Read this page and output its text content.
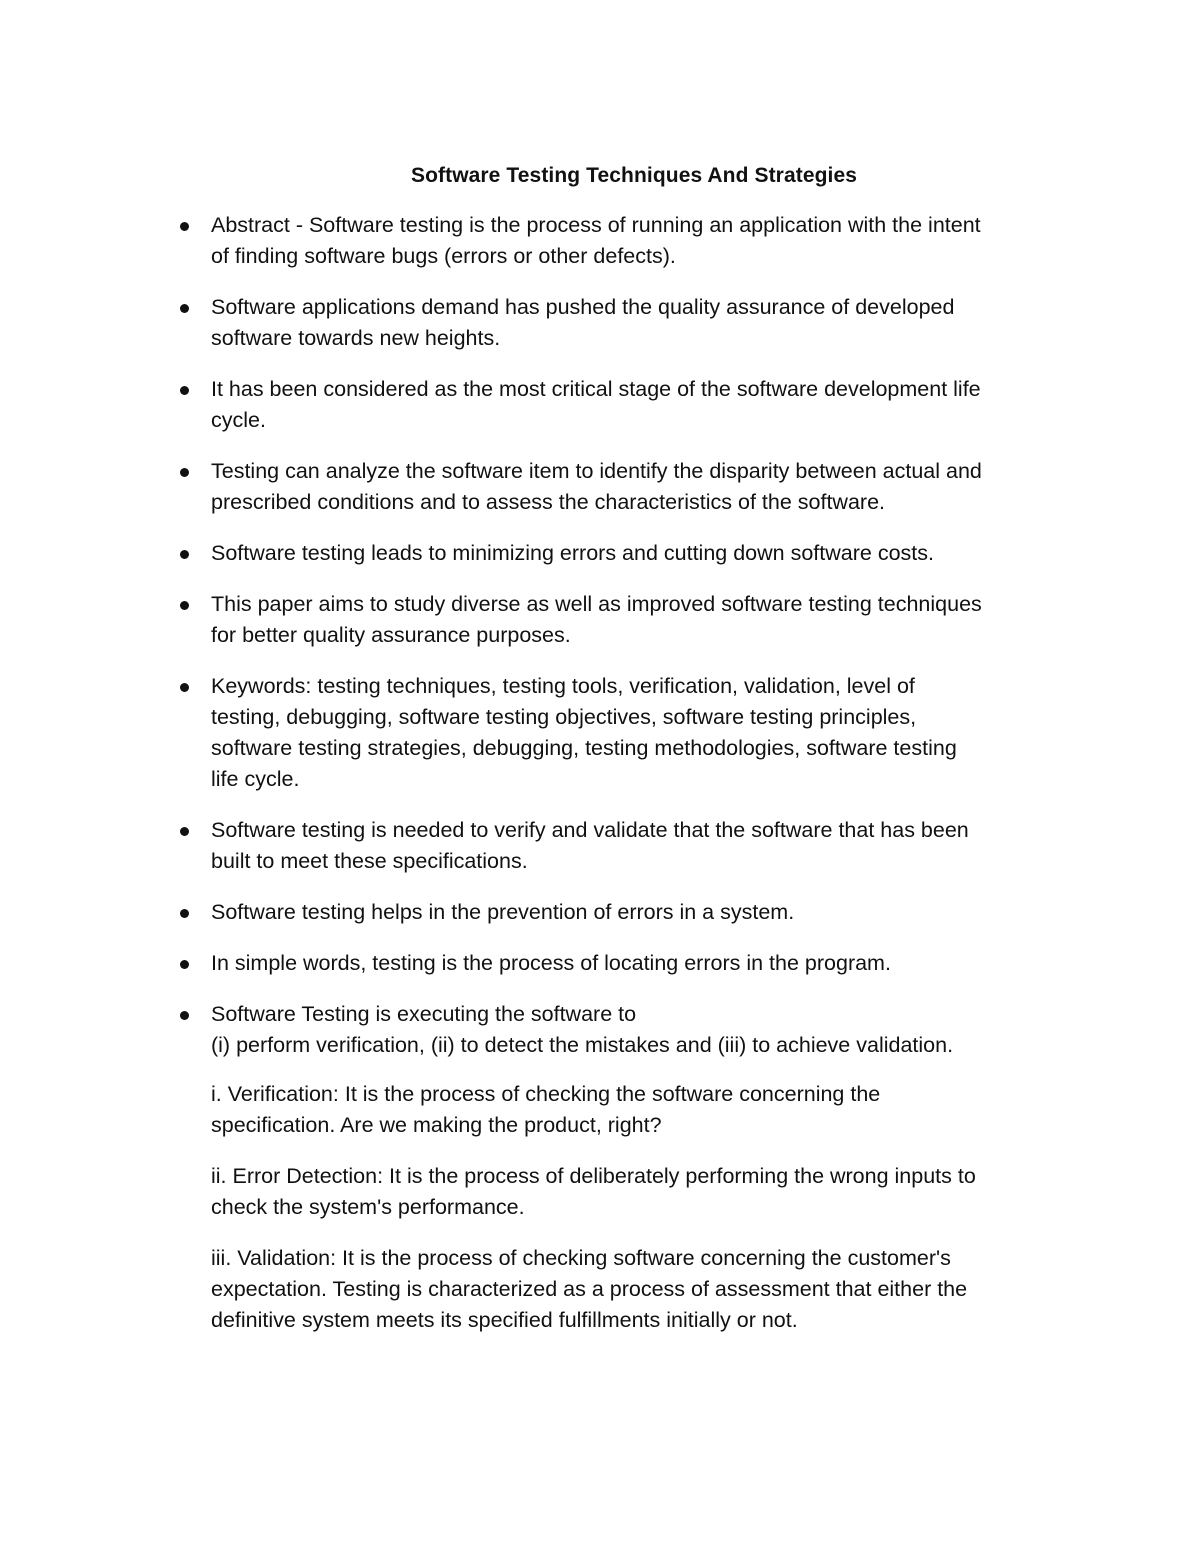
Software Testing Techniques And Strategies
Abstract - Software testing is the process of running an application with the intent
of finding software bugs (errors or other defects).
Software applications demand has pushed the quality assurance of developed
software towards new heights.
It has been considered as the most critical stage of the software development life
cycle.
Testing can analyze the software item to identify the disparity between actual and
prescribed conditions and to assess the characteristics of the software.
Software testing leads to minimizing errors and cutting down software costs.
This paper aims to study diverse as well as improved software testing techniques
for better quality assurance purposes.
Keywords: testing techniques, testing tools, verification, validation, level of
testing, debugging, software testing objectives, software testing principles,
software testing strategies, debugging, testing methodologies, software testing
life cycle.
Software testing is needed to verify and validate that the software that has been
built to meet these specifications.
Software testing helps in the prevention of errors in a system.
In simple words, testing is the process of locating errors in the program.
Software Testing is executing the software to
(i) perform verification, (ii) to detect the mistakes and (iii) to achieve validation.
i. Verification: It is the process of checking the software concerning the
specification. Are we making the product, right?
ii. Error Detection: It is the process of deliberately performing the wrong inputs to
check the system's performance.
iii. Validation: It is the process of checking software concerning the customer's
expectation. Testing is characterized as a process of assessment that either the
definitive system meets its specified fulfillments initially or not.
